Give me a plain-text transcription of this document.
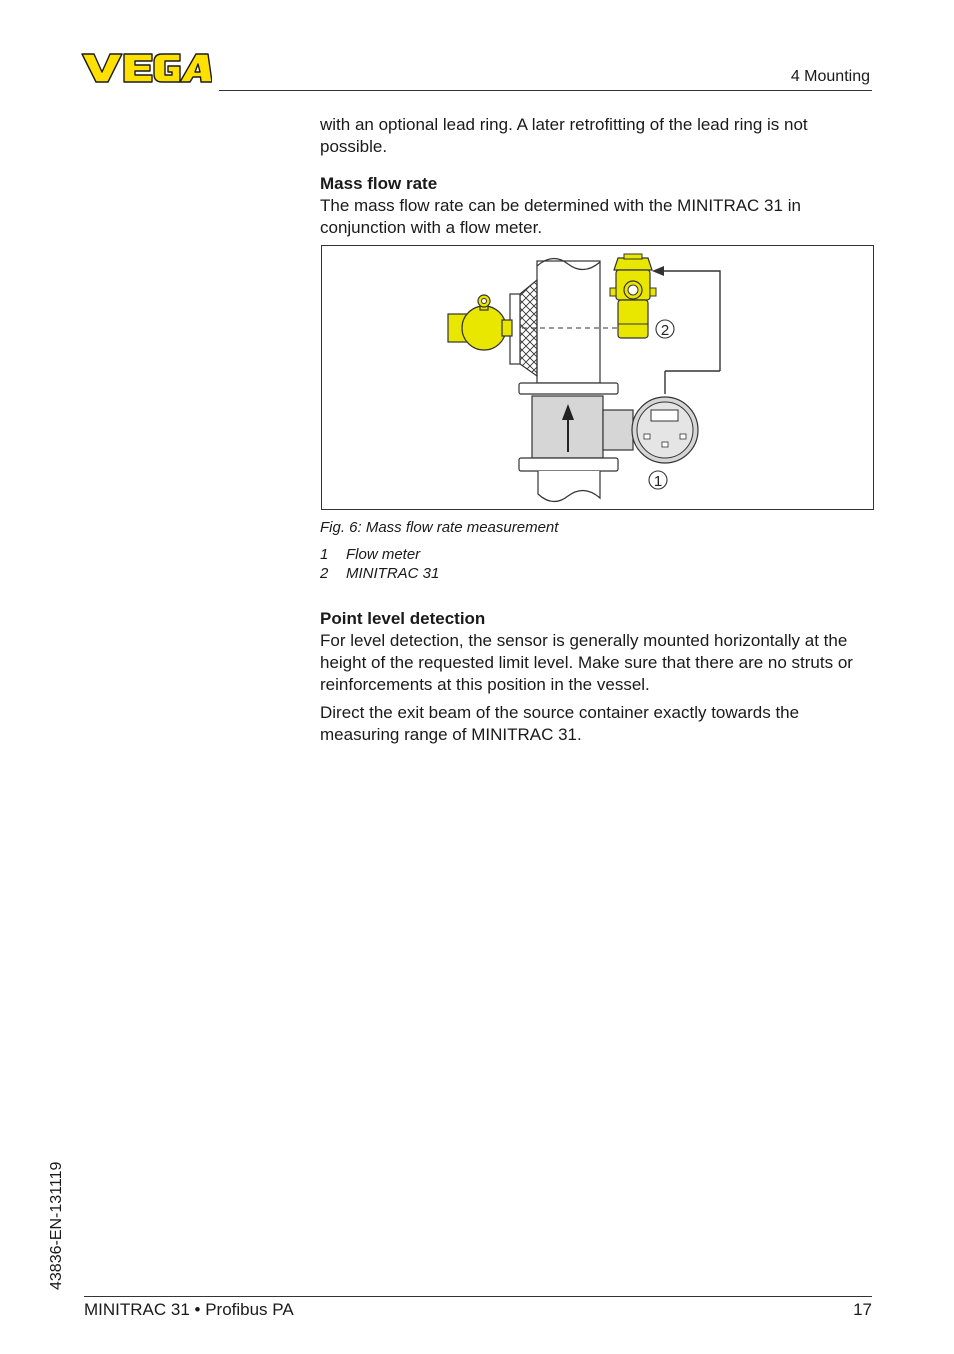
4 Mounting

with an optional lead ring. A later retrofitting of the lead ring is not possible.

Mass flow rate

The mass flow rate can be determined with the MINITRAC 31 in conjunction with a flow meter.

2
1
Fig. 6: Mass flow rate measurement
1 Flow meter
2 MINITRAC 31

Point level detection

For level detection, the sensor is generally mounted horizontally at the height of the requested limit level. Make sure that there are no struts or reinforcements at this position in the vessel.

Direct the exit beam of the source container exactly towards the measuring range of MINITRAC 31.

43836-EN-131119
MINITRAC 31 • Profibus PA	17
